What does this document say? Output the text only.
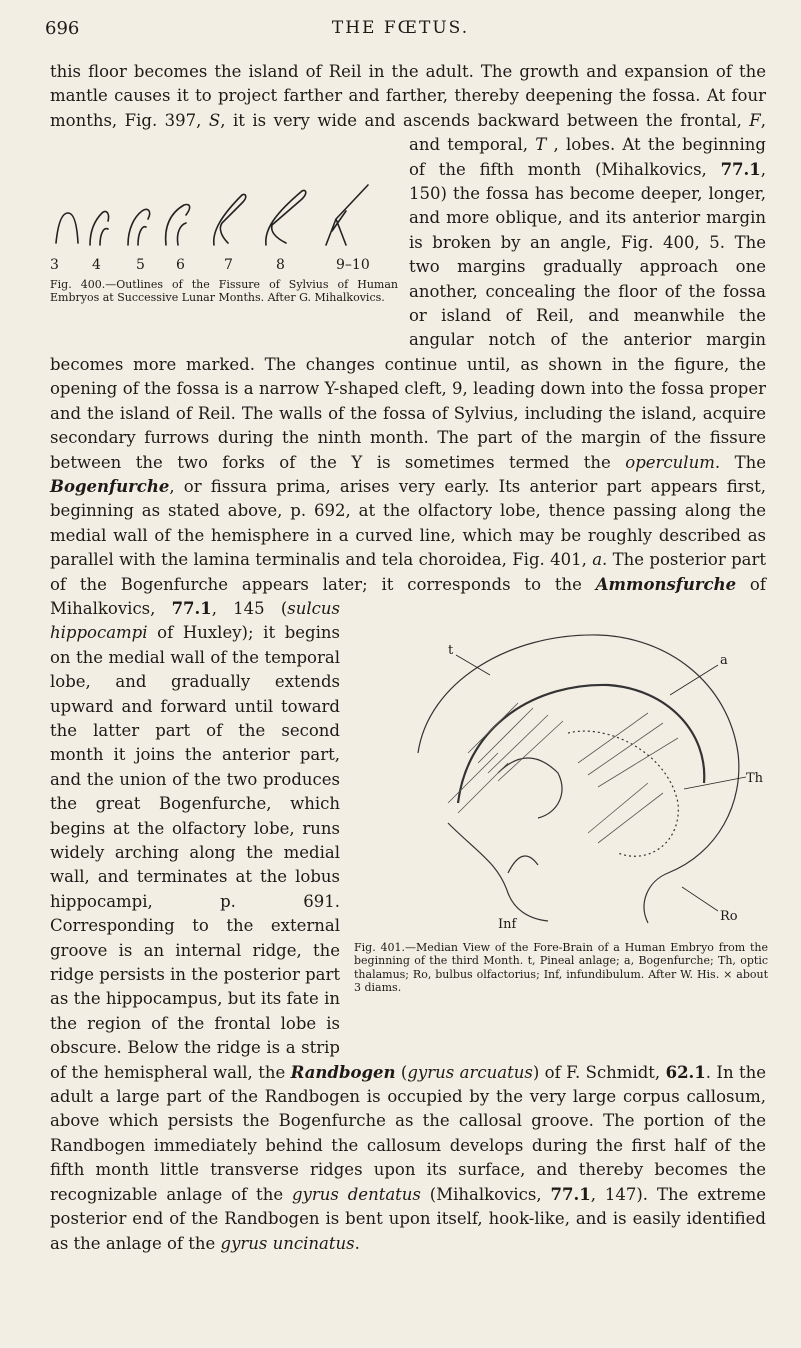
696	THE FŒTUS.

this floor becomes the island of Reil in the adult. The growth and expansion of the mantle causes it to project farther and farther, thereby deepening the fossa. At four months, Fig. 397, S, it is very wide and ascends backward between the frontal, F, and temporal, T
3 4	5 6	7	8	9–10
Fig. 400.—Outlines of the Fissure of Sylvius of Human Embryos at Successive Lunar Months. After G. Mihalkovics.
, lobes. At the beginning of the fifth month (Mihalkovics, 77.1, 150) the fossa has become deeper, longer, and more oblique, and its anterior margin is broken by an angle, Fig. 400, 5. The two margins gradually approach one another, concealing the floor of the fossa or island of Reil, and meanwhile the angular notch of the anterior margin becomes more marked. The changes continue until, as shown in the figure, the opening of the fossa is a narrow Y-shaped cleft, 9, leading down into the fossa proper and the island of Reil. The walls of the fossa of Sylvius, including the island, acquire secondary furrows during the ninth month. The part of the margin of the fissure between the two forks of the Y is sometimes termed the operculum. The Bogenfurche, or fissura prima, arises very early. Its anterior part appears first, beginning as stated above, p. 692, at the olfactory lobe, thence passing along the medial wall of the hemisphere in a curved line, which may be roughly described as parallel with the lamina terminalis and tela choroidea, Fig. 401, a. The posterior part of the Bogenfurche appears later; it corresponds to the
t
a
Th
Inf
Ro
Fig. 401.—Median View of the Fore-Brain of a Human Embryo from the beginning of the third Month. t, Pineal anlage; a, Bogenfurche; Th, optic thalamus; Ro, bulbus olfactorius; Inf, infundibulum. After W. His. × about 3 diams.
Ammonsfurche of Mihalkovics, 77.1, 145 (sulcus hippocampi of Huxley); it begins on the medial wall of the temporal lobe, and gradually extends upward and forward until toward the latter part of the second month it joins the anterior part, and the union of the two produces the great Bogenfurche, which begins at the olfactory lobe, runs widely arching along the medial wall, and terminates at the lobus hippocampi, p. 691. Corresponding to the external groove is an internal ridge, the ridge persists in the posterior part as the hippocampus, but its fate in the region of the frontal lobe is obscure. Below the ridge is a strip of the hemispheral wall, the Randbogen (gyrus arcuatus) of F. Schmidt, 62.1. In the adult a large part of the Randbogen is occupied by the very large corpus callosum, above which persists the Bogenfurche as the callosal groove. The portion of the Randbogen immediately behind the callosum develops during the first half of the fifth month little transverse ridges upon its surface, and thereby becomes the recognizable anlage of the gyrus dentatus (Mihalkovics, 77.1, 147). The extreme posterior end of the Randbogen is bent upon itself, hook-like, and is easily identified as the anlage of the gyrus uncinatus.
